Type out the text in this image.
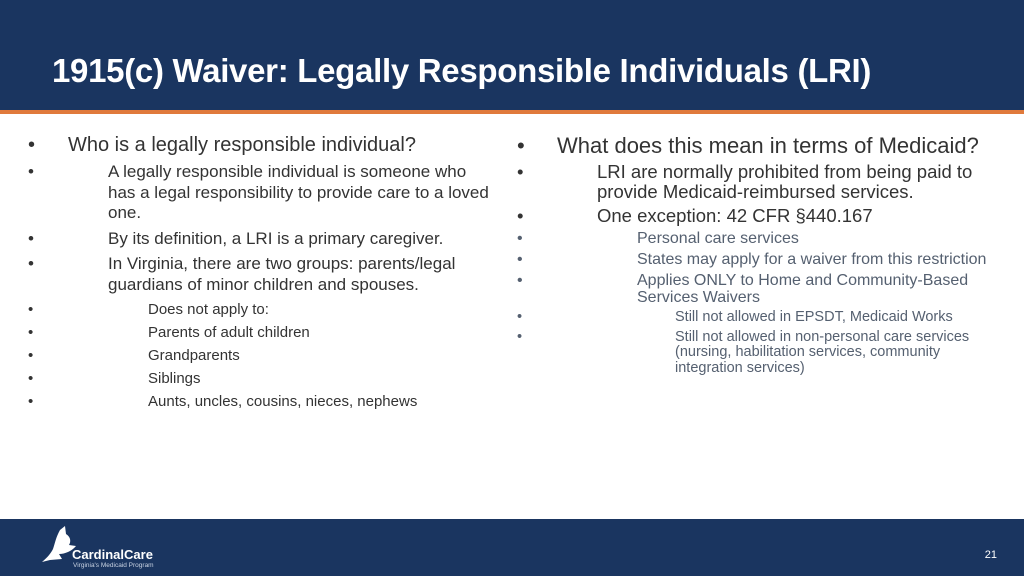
1915(c) Waiver: Legally Responsible Individuals (LRI)
• Who is a legally responsible individual?
• A legally responsible individual is someone who has a legal responsibility to provide care to a loved one.
• By its definition, a LRI is a primary caregiver.
• In Virginia, there are two groups: parents/legal guardians of minor children and spouses.
• Does not apply to:
• Parents of adult children
• Grandparents
• Siblings
• Aunts, uncles, cousins, nieces, nephews
• What does this mean in terms of Medicaid?
• LRI are normally prohibited from being paid to provide Medicaid-reimbursed services.
• One exception: 42 CFR §440.167
• Personal care services
• States may apply for a waiver from this restriction
• Applies ONLY to Home and Community-Based Services Waivers
• Still not allowed in EPSDT, Medicaid Works
• Still not allowed in non-personal care services (nursing, habilitation services, community integration services)
CardinalCare
Virginia's Medicaid Program
21
